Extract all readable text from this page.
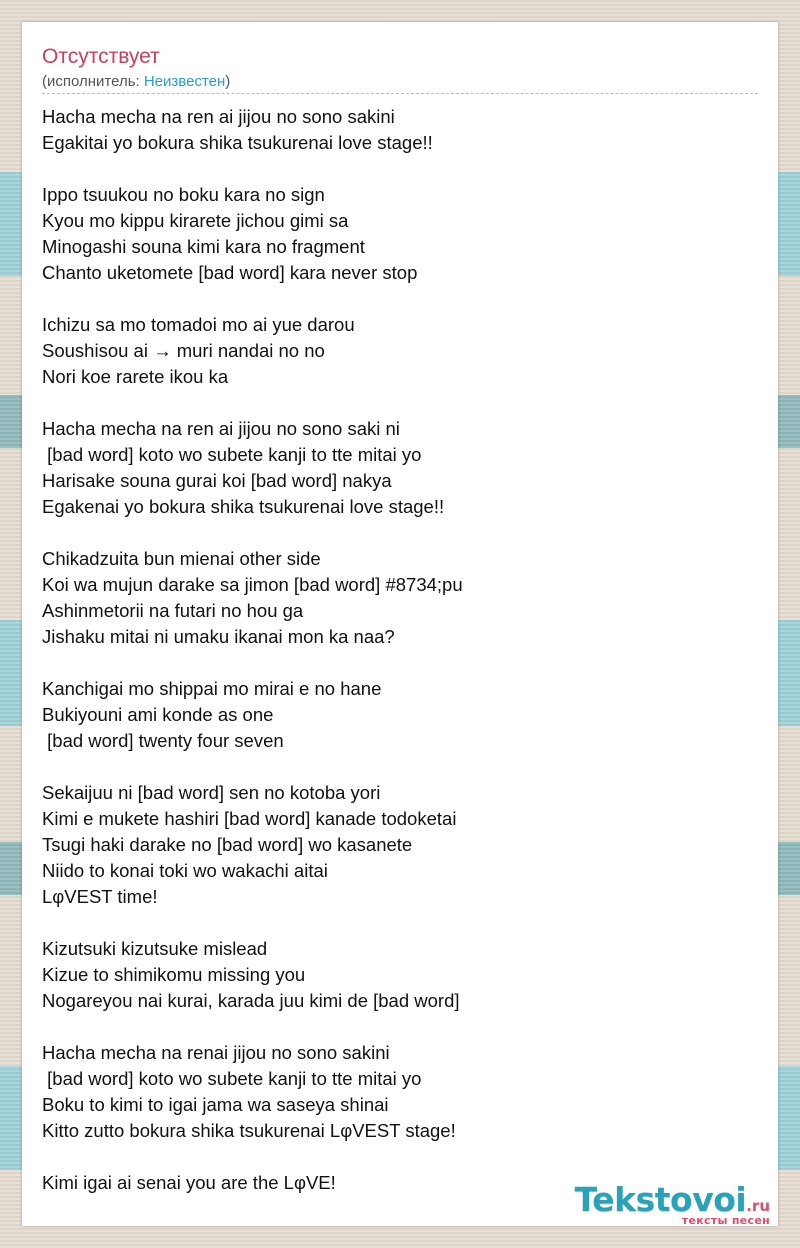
Отсутствует
(исполнитель: Неизвестен)
Hacha mecha na ren ai jijou no sono sakini
Egakitai yo bokura shika tsukurenai love stage!!
Ippo tsuukou no boku kara no sign
Kyou mo kippu kirarete jichou gimi sa
Minogashi souna kimi kara no fragment
Chanto uketomete [bad word] kara never stop
Ichizu sa mo tomadoi mo ai yue darou
Soushisou ai → muri nandai no no
Nori koe rarete ikou ka
Hacha mecha na ren ai jijou no sono saki ni
[bad word] koto wo subete kanji to tte mitai yo
Harisake souna gurai koi [bad word] nakya
Egakenai yo bokura shika tsukurenai love stage!!
Chikadzuita bun mienai other side
Koi wa mujun darake sa jimon [bad word] #8734;pu
Ashinmetorii na futari no hou ga
Jishaku mitai ni umaku ikanai mon ka naa?
Kanchigai mo shippai mo mirai e no hane
Bukiyouni ami konde as one
[bad word] twenty four seven
Sekaijuu ni [bad word] sen no kotoba yori
Kimi e mukete hashiri [bad word] kanade todoketai
Tsugi haki darake no [bad word] wo kasanete
Niido to konai toki wo wakachi aitai
LφVEST time!
Kizutsuki kizutsuke mislead
Kizue to shimikomu missing you
Nogareyou nai kurai, karada juu kimi de [bad word]
Hacha mecha na renai jijou no sono sakini
[bad word] koto wo subete kanji to tte mitai yo
Boku to kimi to igai jama wa saseya shinai
Kitto zutto bokura shika tsukurenai LφVEST stage!
Kimi igai ai senai you are the LφVE!	Tekstovoi.ru
тексты песен
